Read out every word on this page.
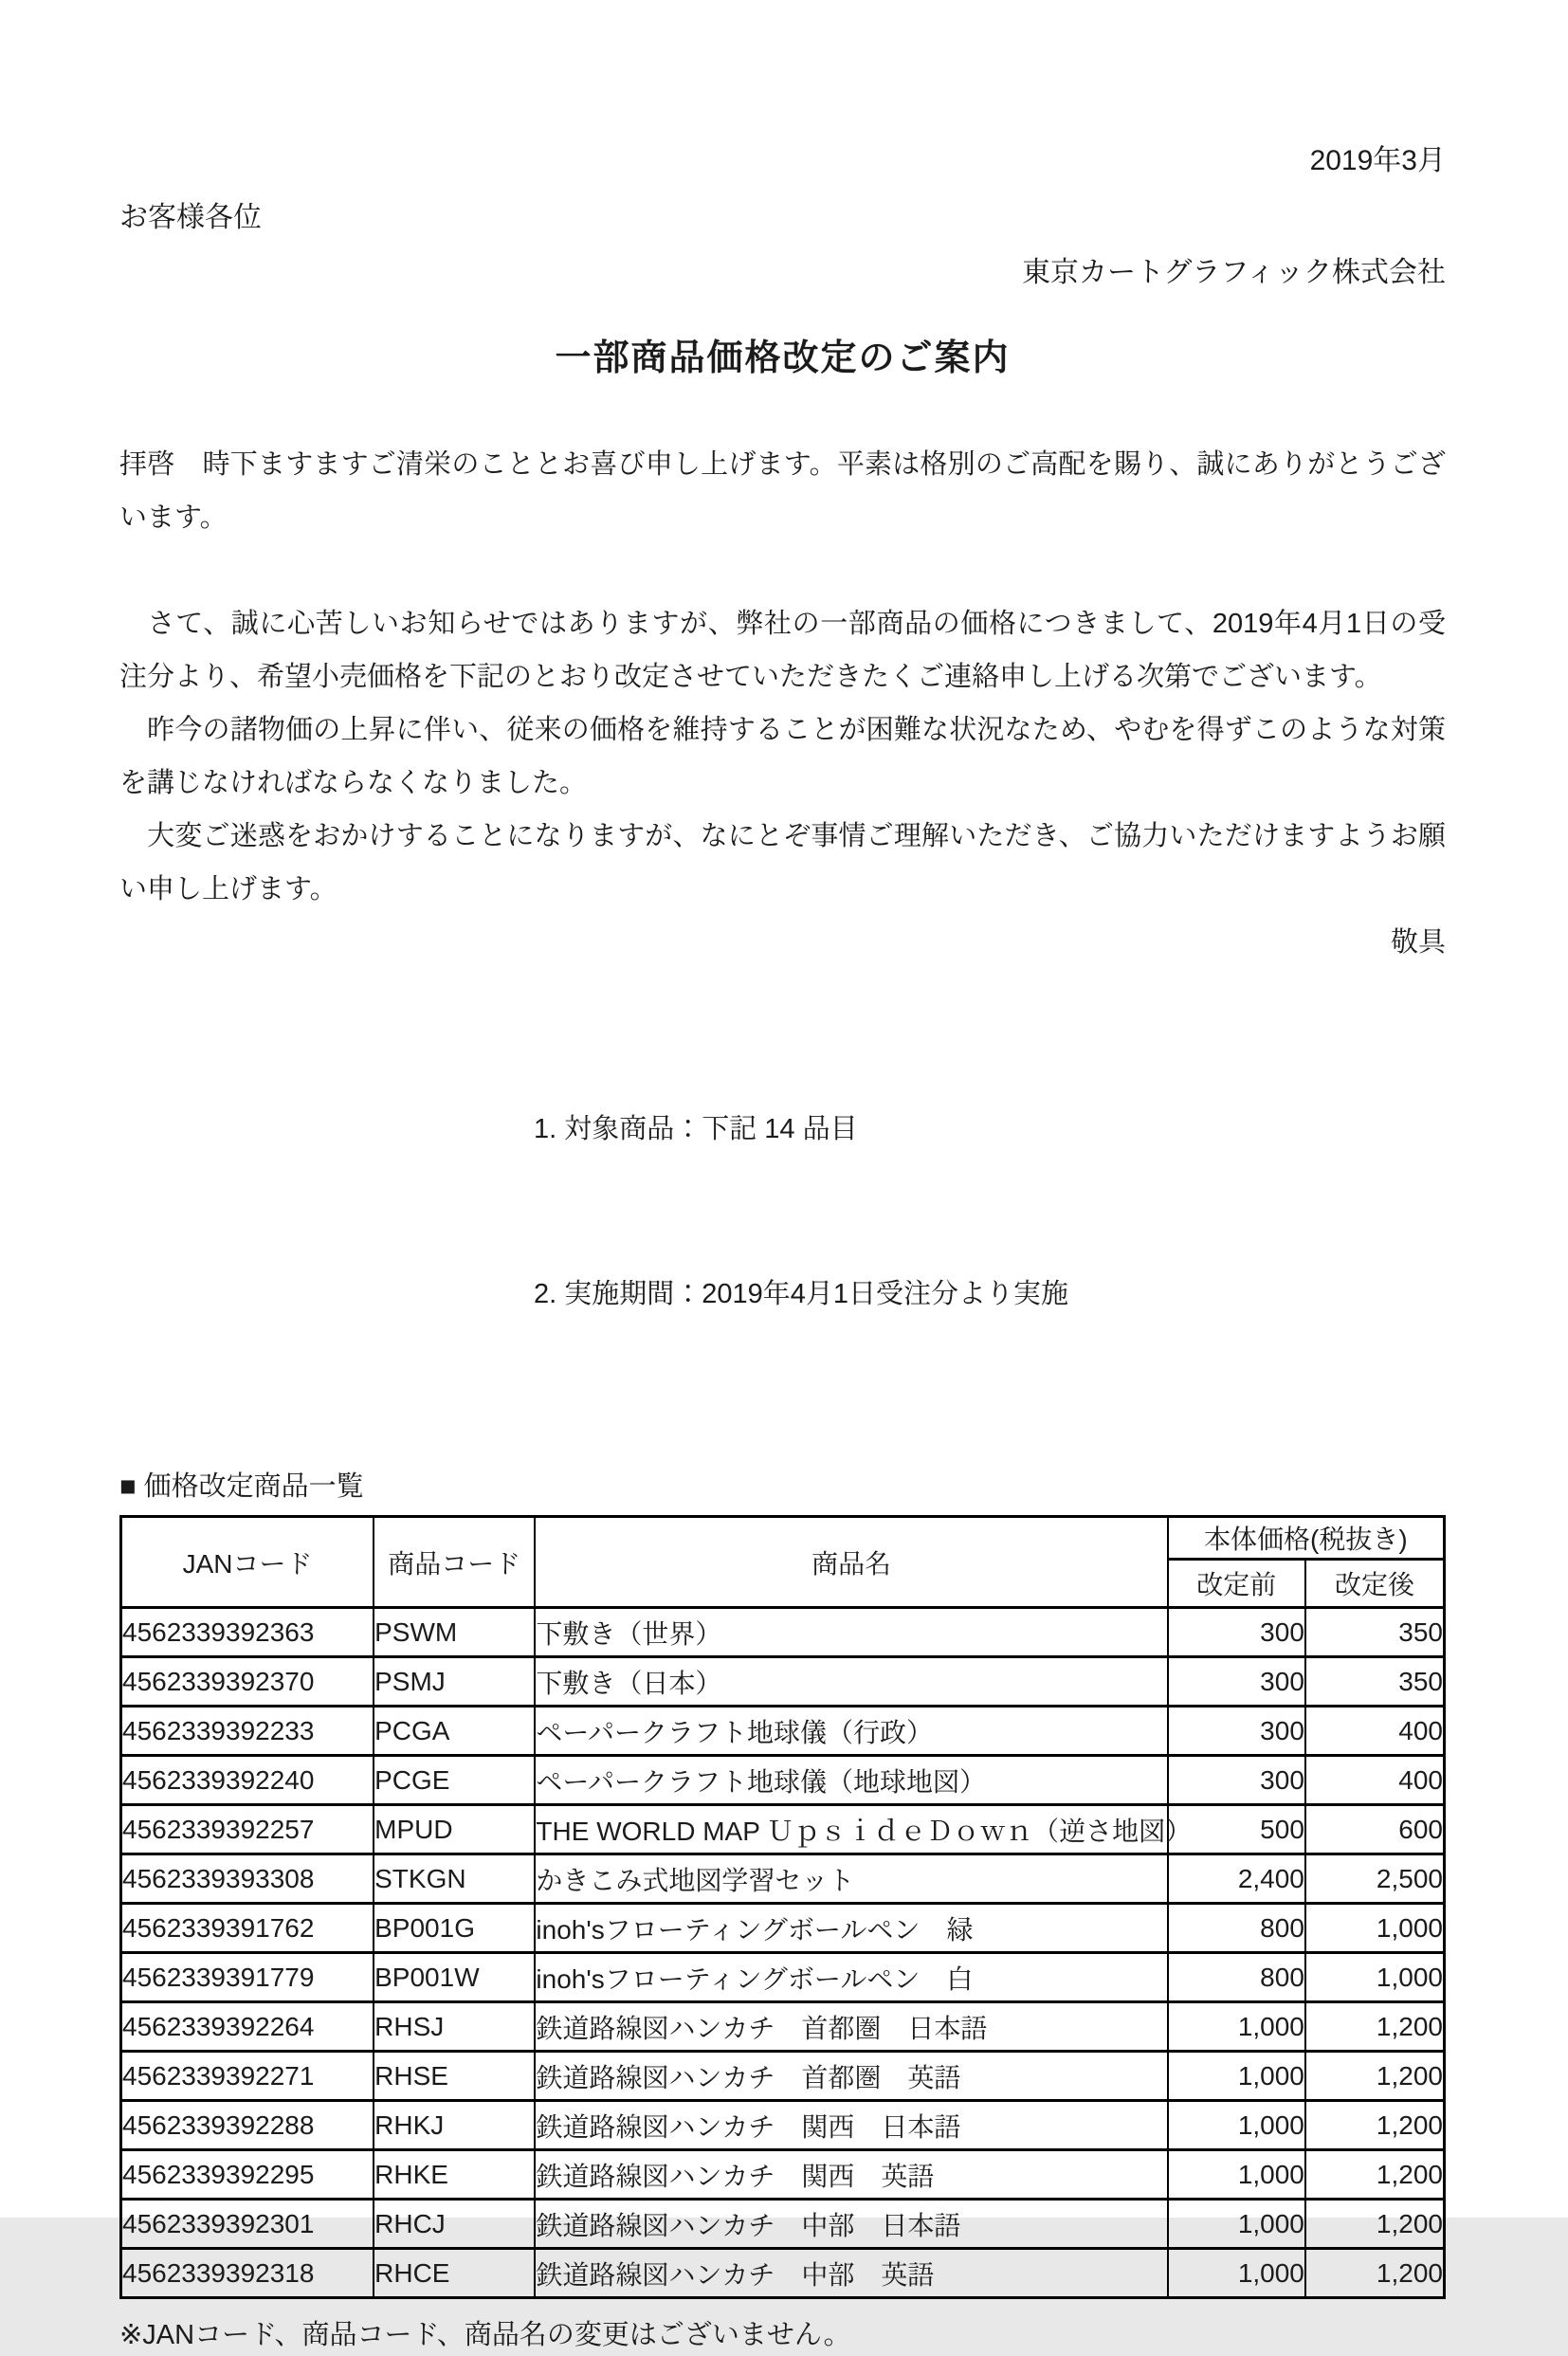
2019年3月
お客様各位
東京カートグラフィック株式会社
一部商品価格改定のご案内

拝啓　時下ますますご清栄のこととお喜び申し上げます。平素は格別のご高配を賜り、誠にありがとうございます。

　さて、誠に心苦しいお知らせではありますが、弊社の一部商品の価格につきまして、2019年4月1日の受注分より、希望小売価格を下記のとおり改定させていただきたくご連絡申し上げる次第でございます。

　昨今の諸物価の上昇に伴い、従来の価格を維持することが困難な状況なため、やむを得ずこのような対策を講じなければならなくなりました。

　大変ご迷惑をおかけすることになりますが、なにとぞ事情ご理解いただき、ご協力いただけますようお願い申し上げます。

敬具

1. 対象商品：下記 14 品目

2. 実施期間：2019年4月1日受注分より実施

■ 価格改定商品一覧
JANコード	商品コード	商品名	本体価格(税抜き)	
			改定前	改定後
4562339392363	PSWM	下敷き（世界）	300	350
4562339392370	PSMJ	下敷き（日本）	300	350
4562339392233	PCGA	ペーパークラフト地球儀（行政）	300	400
4562339392240	PCGE	ペーパークラフト地球儀（地球地図）	300	400
4562339392257	MPUD	THE WORLD MAP ＵｐｓｉｄｅＤｏｗｎ（逆さ地図）	500	600
4562339393308	STKGN	かきこみ式地図学習セット	2,400	2,500
4562339391762	BP001G	inoh'sフローティングボールペン　緑	800	1,000
4562339391779	BP001W	inoh'sフローティングボールペン　白	800	1,000
4562339392264	RHSJ	鉄道路線図ハンカチ　首都圏　日本語	1,000	1,200
4562339392271	RHSE	鉄道路線図ハンカチ　首都圏　英語	1,000	1,200
4562339392288	RHKJ	鉄道路線図ハンカチ　関西　日本語	1,000	1,200
4562339392295	RHKE	鉄道路線図ハンカチ　関西　英語	1,000	1,200
4562339392301	RHCJ	鉄道路線図ハンカチ　中部　日本語	1,000	1,200
4562339392318	RHCE	鉄道路線図ハンカチ　中部　英語	1,000	1,200
※JANコード、商品コード、商品名の変更はございません。
